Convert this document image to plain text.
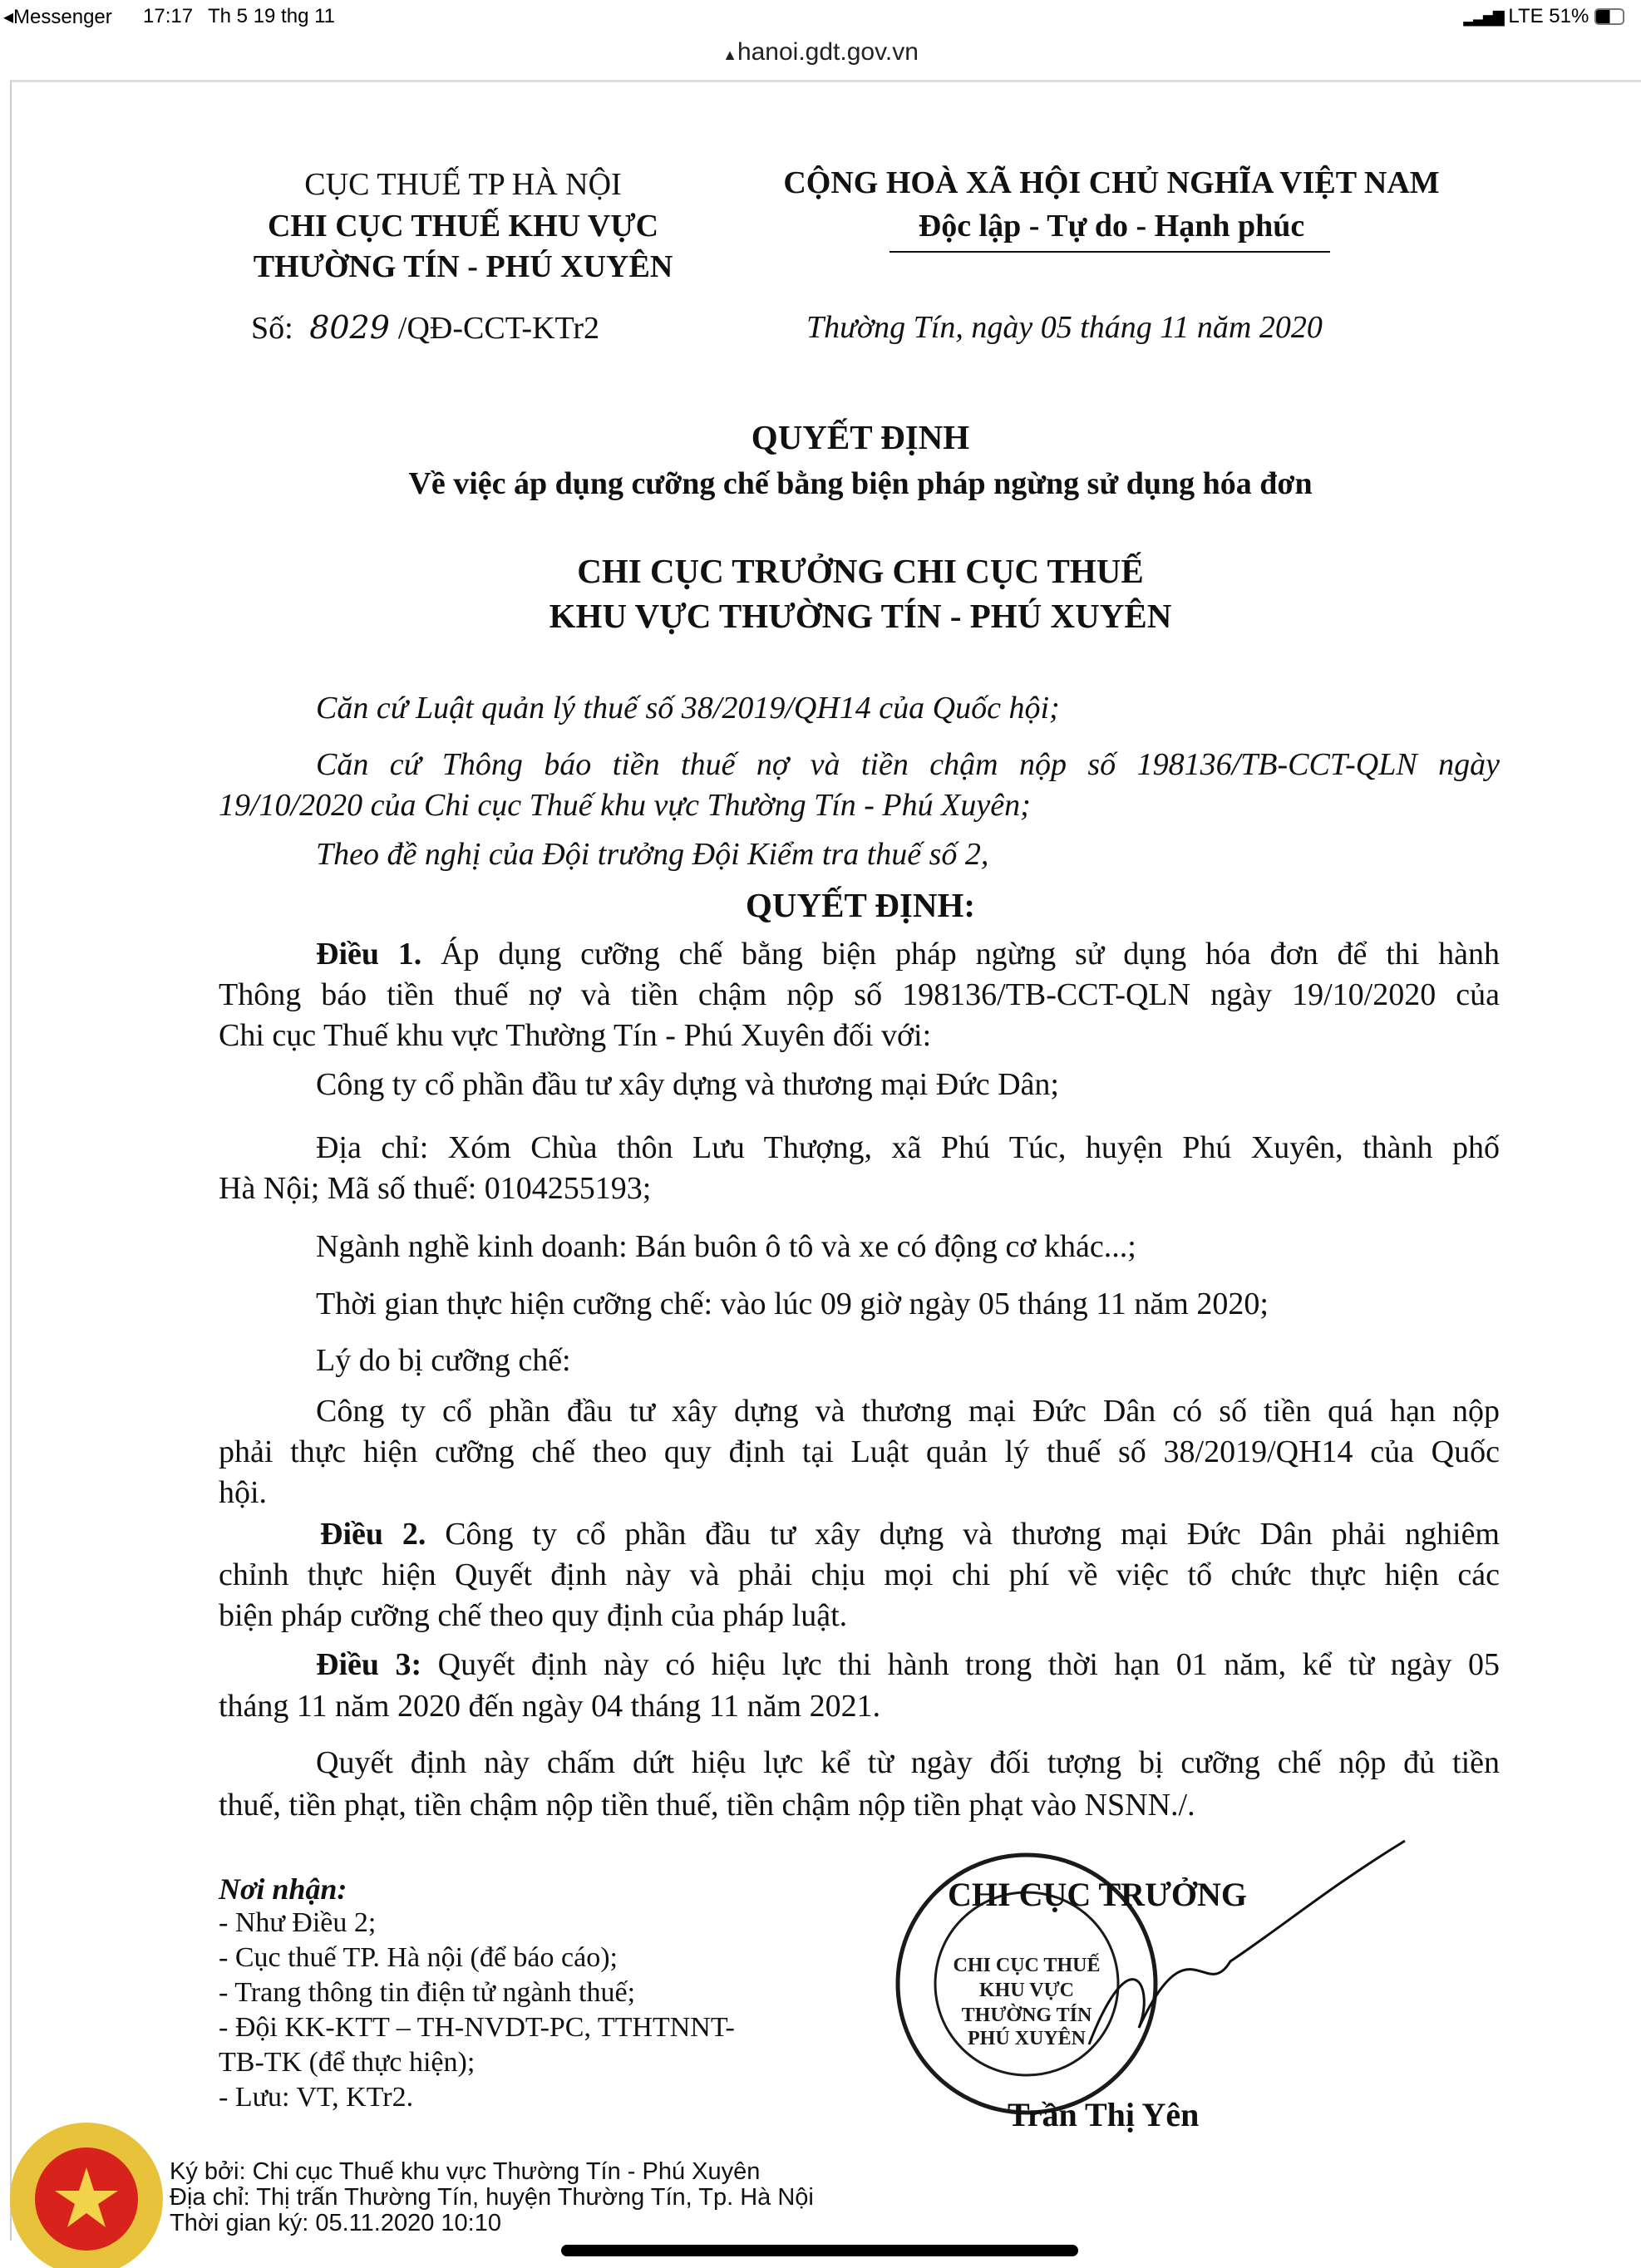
◂Messenger 17:17 Th 5 19 thg 11	▂▃▅▇ LTE 51%
▲hanoi.gdt.gov.vn
CỤC THUẾ TP HÀ NỘI
CHI CỤC THUẾ KHU VỰC
THƯỜNG TÍN - PHÚ XUYÊN
Số: 8029 /QĐ-CCT-KTr2
CỘNG HOÀ XÃ HỘI CHỦ NGHĨA VIỆT NAM
Độc lập - Tự do - Hạnh phúc
Thường Tín, ngày 05 tháng 11 năm 2020
QUYẾT ĐỊNH
Về việc áp dụng cưỡng chế bằng biện pháp ngừng sử dụng hóa đơn
CHI CỤC TRƯỞNG CHI CỤC THUẾ
KHU VỰC THƯỜNG TÍN - PHÚ XUYÊN
Căn cứ Luật quản lý thuế số 38/2019/QH14 của Quốc hội;
Căn cứ Thông báo tiền thuế nợ và tiền chậm nộp số 198136/TB-CCT-QLN ngày
19/10/2020 của Chi cục Thuế khu vực Thường Tín - Phú Xuyên;
Theo đề nghị của Đội trưởng Đội Kiểm tra thuế số 2,
QUYẾT ĐỊNH:
Điều 1. Áp dụng cưỡng chế bằng biện pháp ngừng sử dụng hóa đơn để thi hành
Thông báo tiền thuế nợ và tiền chậm nộp số 198136/TB-CCT-QLN ngày 19/10/2020 của
Chi cục Thuế khu vực Thường Tín - Phú Xuyên đối với:
Công ty cổ phần đầu tư xây dựng và thương mại Đức Dân;
Địa chỉ: Xóm Chùa thôn Lưu Thượng, xã Phú Túc, huyện Phú Xuyên, thành phố
Hà Nội; Mã số thuế: 0104255193;
Ngành nghề kinh doanh: Bán buôn ô tô và xe có động cơ khác...;
Thời gian thực hiện cưỡng chế: vào lúc 09 giờ ngày 05 tháng 11 năm 2020;
Lý do bị cưỡng chế:
Công ty cổ phần đầu tư xây dựng và thương mại Đức Dân có số tiền quá hạn nộp
phải thực hiện cưỡng chế theo quy định tại Luật quản lý thuế số 38/2019/QH14 của Quốc
hội.
Điều 2. Công ty cổ phần đầu tư xây dựng và thương mại Đức Dân phải nghiêm
chỉnh thực hiện Quyết định này và phải chịu mọi chi phí về việc tổ chức thực hiện các
biện pháp cưỡng chế theo quy định của pháp luật.
Điều 3: Quyết định này có hiệu lực thi hành trong thời hạn 01 năm, kể từ ngày 05
tháng 11 năm 2020 đến ngày 04 tháng 11 năm 2021.
Quyết định này chấm dứt hiệu lực kể từ ngày đối tượng bị cưỡng chế nộp đủ tiền
thuế, tiền phạt, tiền chậm nộp tiền thuế, tiền chậm nộp tiền phạt vào NSNN./.
Nơi nhận:
- Như Điều 2;
- Cục thuế TP. Hà nội (để báo cáo);
- Trang thông tin điện tử ngành thuế;
- Đội KK-KTT – TH-NVDT-PC, TTHTNNT-
TB-TK (để thực hiện);
- Lưu: VT, KTr2.
CHI CỤC THUẾ
KHU VỰC
THƯỜNG TÍN
PHÚ XUYÊN
CHI CỤC TRƯỞNG
Trần Thị Yên
Ký bởi: Chi cục Thuế khu vực Thường Tín - Phú Xuyên
Địa chỉ: Thị trấn Thường Tín, huyện Thường Tín, Tp. Hà Nội
Thời gian ký: 05.11.2020 10:10
